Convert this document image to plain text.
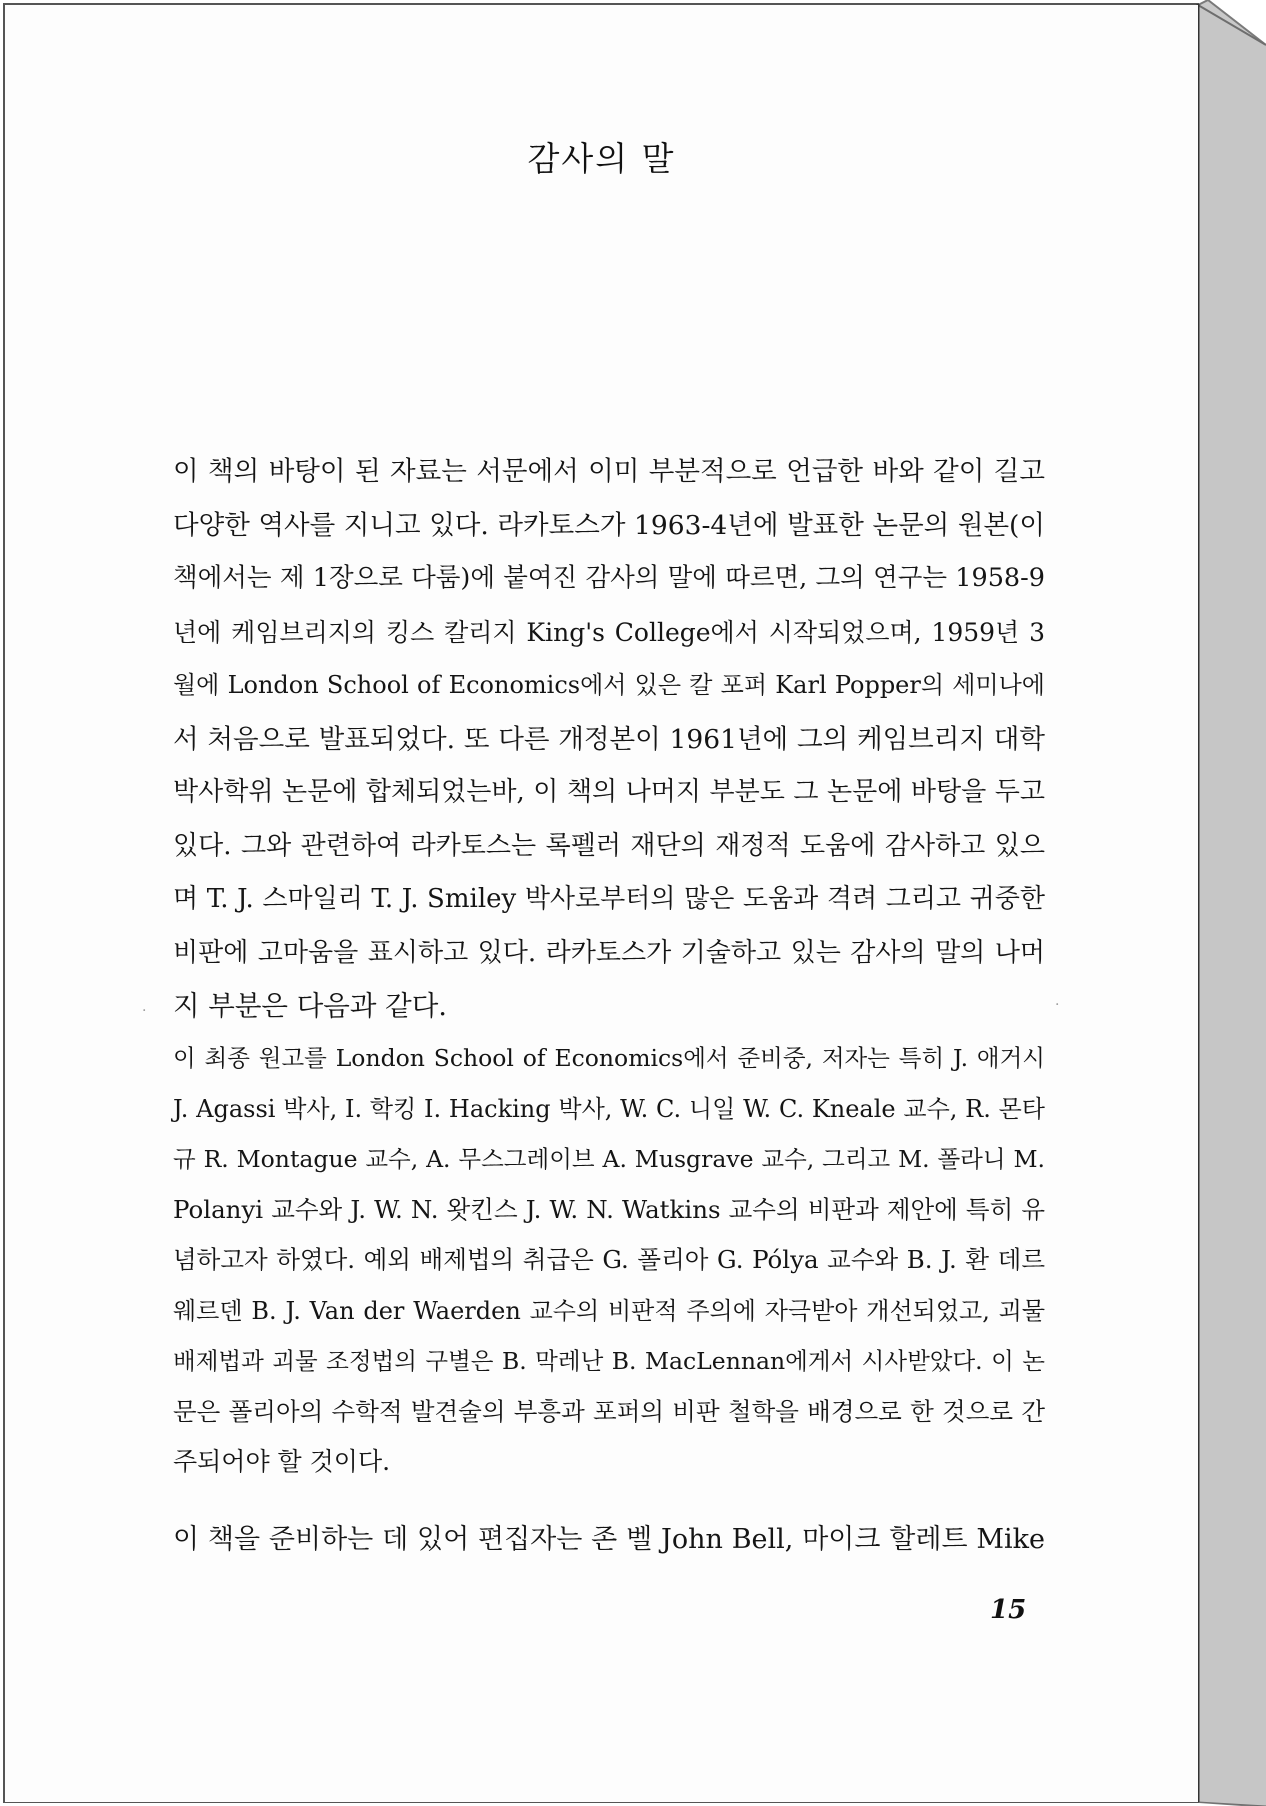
감사의 말
이 책의 바탕이 된 자료는 서문에서 이미 부분적으로 언급한 바와 같이 길고
다양한 역사를 지니고 있다. 라카토스가 1963-4년에 발표한 논문의 원본(이
책에서는 제 1장으로 다룸)에 붙여진 감사의 말에 따르면, 그의 연구는 1958-9
년에 케임브리지의 킹스 칼리지 King's College에서 시작되었으며, 1959년 3
월에 London School of Economics에서 있은 칼 포퍼 Karl Popper의 세미나에
서 처음으로 발표되었다. 또 다른 개정본이 1961년에 그의 케임브리지 대학
박사학위 논문에 합체되었는바, 이 책의 나머지 부분도 그 논문에 바탕을 두고
있다. 그와 관련하여 라카토스는 록펠러 재단의 재정적 도움에 감사하고 있으
며 T. J. 스마일리 T. J. Smiley 박사로부터의 많은 도움과 격려 그리고 귀중한
비판에 고마움을 표시하고 있다. 라카토스가 기술하고 있는 감사의 말의 나머
지 부분은 다음과 같다.
·	·
이 최종 원고를 London School of Economics에서 준비중, 저자는 특히 J. 애거시
J. Agassi 박사, I. 학킹 I. Hacking 박사, W. C. 니일 W. C. Kneale 교수, R. 몬타
규 R. Montague 교수, A. 무스그레이브 A. Musgrave 교수, 그리고 M. 폴라니 M.
Polanyi 교수와 J. W. N. 왓킨스 J. W. N. Watkins 교수의 비판과 제안에 특히 유
념하고자 하였다. 예외 배제법의 취급은 G. 폴리아 G. Pólya 교수와 B. J. 환 데르
웨르덴 B. J. Van der Waerden 교수의 비판적 주의에 자극받아 개선되었고, 괴물
배제법과 괴물 조정법의 구별은 B. 막레난 B. MacLennan에게서 시사받았다. 이 논
문은 폴리아의 수학적 발견술의 부흥과 포퍼의 비판 철학을 배경으로 한 것으로 간
주되어야 할 것이다.
이 책을 준비하는 데 있어 편집자는 존 벨 John Bell, 마이크 할레트 Mike
15
